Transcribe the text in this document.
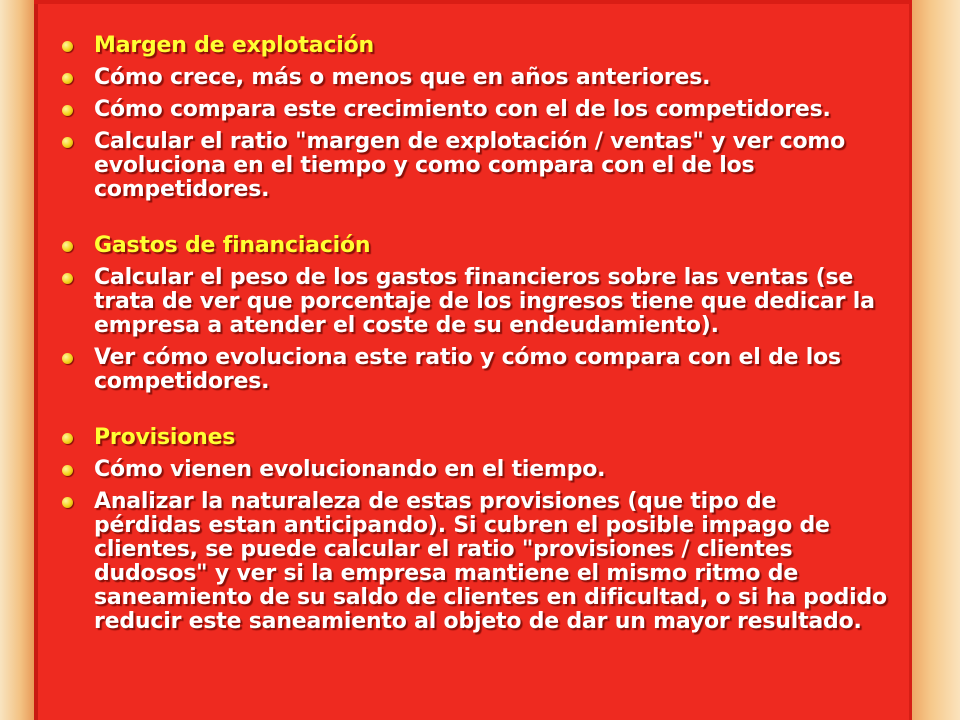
Margen de explotación
Cómo crece, más o menos que en años anteriores.
Cómo compara este crecimiento con el de los competidores.
Calcular el ratio "margen de explotación / ventas" y ver como evoluciona en el tiempo y como compara con el de los competidores.
Gastos de financiación
Calcular el peso de los gastos financieros sobre las ventas (se trata de ver que porcentaje de los ingresos tiene que dedicar la empresa a atender el coste de su endeudamiento).
Ver cómo evoluciona este ratio y cómo compara con el de los competidores.
Provisiones
Cómo vienen evolucionando en el tiempo.
Analizar la naturaleza de estas provisiones (que tipo de pérdidas estan anticipando). Si cubren el posible impago de clientes, se puede calcular el ratio "provisiones / clientes dudosos" y ver si la empresa mantiene el mismo ritmo de saneamiento de su saldo de clientes en dificultad, o si ha podido reducir este saneamiento al objeto de dar un mayor resultado.
